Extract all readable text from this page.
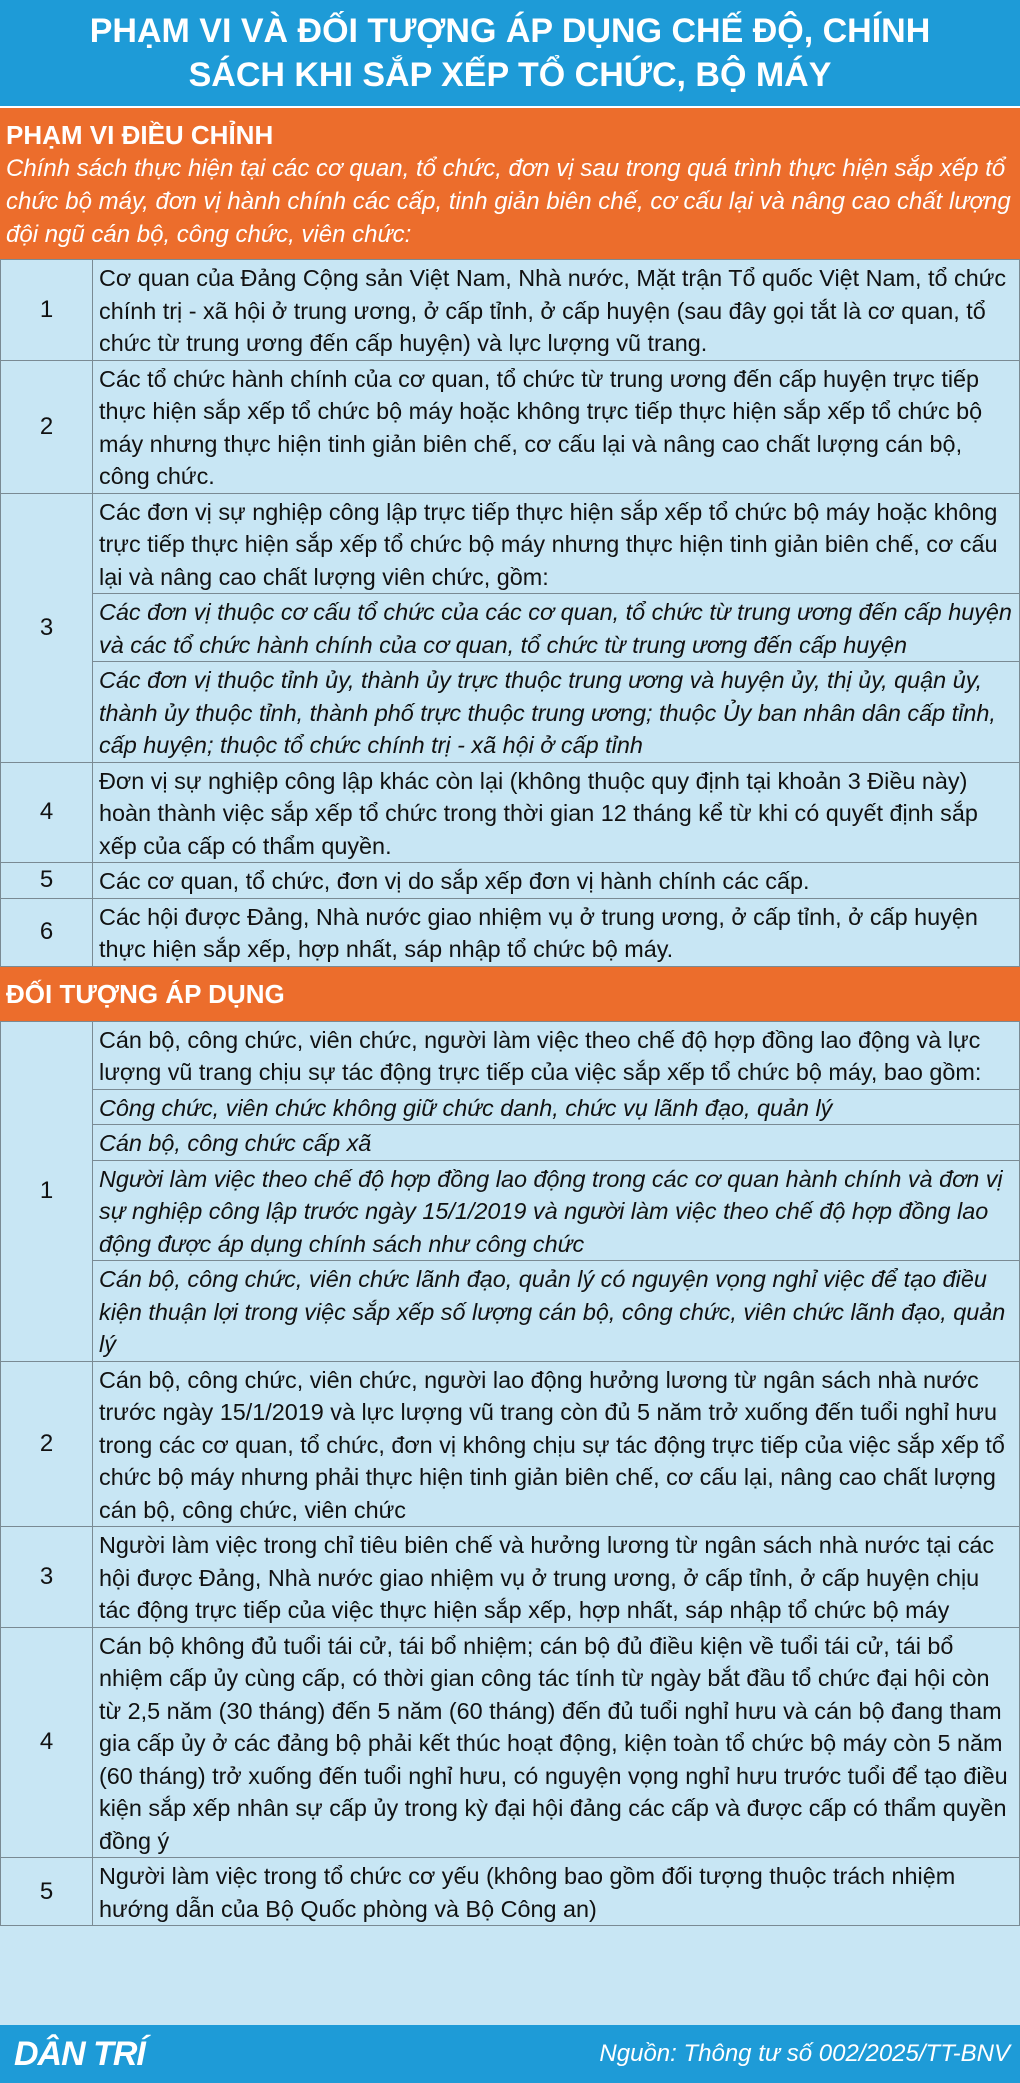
PHẠM VI VÀ ĐỐI TƯỢNG ÁP DỤNG CHẾ ĐỘ, CHÍNH SÁCH KHI SẮP XẾP TỔ CHỨC, BỘ MÁY
PHẠM VI ĐIỀU CHỈNH
Chính sách thực hiện tại các cơ quan, tổ chức, đơn vị sau trong quá trình thực hiện sắp xếp tổ chức bộ máy, đơn vị hành chính các cấp, tinh giản biên chế, cơ cấu lại và nâng cao chất lượng đội ngũ cán bộ, công chức, viên chức:
1	Cơ quan của Đảng Cộng sản Việt Nam, Nhà nước, Mặt trận Tổ quốc Việt Nam, tổ chức chính trị - xã hội ở trung ương, ở cấp tỉnh, ở cấp huyện (sau đây gọi tắt là cơ quan, tổ chức từ trung ương đến cấp huyện) và lực lượng vũ trang.
2	Các tổ chức hành chính của cơ quan, tổ chức từ trung ương đến cấp huyện trực tiếp thực hiện sắp xếp tổ chức bộ máy hoặc không trực tiếp thực hiện sắp xếp tổ chức bộ máy nhưng thực hiện tinh giản biên chế, cơ cấu lại và nâng cao chất lượng cán bộ, công chức.
3	Các đơn vị sự nghiệp công lập trực tiếp thực hiện sắp xếp tổ chức bộ máy hoặc không trực tiếp thực hiện sắp xếp tổ chức bộ máy nhưng thực hiện tinh giản biên chế, cơ cấu lại và nâng cao chất lượng viên chức, gồm:
	Các đơn vị thuộc cơ cấu tổ chức của các cơ quan, tổ chức từ trung ương đến cấp huyện và các tổ chức hành chính của cơ quan, tổ chức từ trung ương đến cấp huyện
	Các đơn vị thuộc tỉnh ủy, thành ủy trực thuộc trung ương và huyện ủy, thị ủy, quận ủy, thành ủy thuộc tỉnh, thành phố trực thuộc trung ương; thuộc Ủy ban nhân dân cấp tỉnh, cấp huyện; thuộc tổ chức chính trị - xã hội ở cấp tỉnh
4	Đơn vị sự nghiệp công lập khác còn lại (không thuộc quy định tại khoản 3 Điều này) hoàn thành việc sắp xếp tổ chức trong thời gian 12 tháng kể từ khi có quyết định sắp xếp của cấp có thẩm quyền.
5	Các cơ quan, tổ chức, đơn vị do sắp xếp đơn vị hành chính các cấp.
6	Các hội được Đảng, Nhà nước giao nhiệm vụ ở trung ương, ở cấp tỉnh, ở cấp huyện thực hiện sắp xếp, hợp nhất, sáp nhập tổ chức bộ máy.
ĐỐI TƯỢNG ÁP DỤNG
1	Cán bộ, công chức, viên chức, người làm việc theo chế độ hợp đồng lao động và lực lượng vũ trang chịu sự tác động trực tiếp của việc sắp xếp tổ chức bộ máy, bao gồm:
	Công chức, viên chức không giữ chức danh, chức vụ lãnh đạo, quản lý
	Cán bộ, công chức cấp xã
	Người làm việc theo chế độ hợp đồng lao động trong các cơ quan hành chính và đơn vị sự nghiệp công lập trước ngày 15/1/2019 và người làm việc theo chế độ hợp đồng lao động được áp dụng chính sách như công chức
	Cán bộ, công chức, viên chức lãnh đạo, quản lý có nguyện vọng nghỉ việc để tạo điều kiện thuận lợi trong việc sắp xếp số lượng cán bộ, công chức, viên chức lãnh đạo, quản lý
2	Cán bộ, công chức, viên chức, người lao động hưởng lương từ ngân sách nhà nước trước ngày 15/1/2019 và lực lượng vũ trang còn đủ 5 năm trở xuống đến tuổi nghỉ hưu trong các cơ quan, tổ chức, đơn vị không chịu sự tác động trực tiếp của việc sắp xếp tổ chức bộ máy nhưng phải thực hiện tinh giản biên chế, cơ cấu lại, nâng cao chất lượng cán bộ, công chức, viên chức
3	Người làm việc trong chỉ tiêu biên chế và hưởng lương từ ngân sách nhà nước tại các hội được Đảng, Nhà nước giao nhiệm vụ ở trung ương, ở cấp tỉnh, ở cấp huyện chịu tác động trực tiếp của việc thực hiện sắp xếp, hợp nhất, sáp nhập tổ chức bộ máy
4	Cán bộ không đủ tuổi tái cử, tái bổ nhiệm; cán bộ đủ điều kiện về tuổi tái cử, tái bổ nhiệm cấp ủy cùng cấp, có thời gian công tác tính từ ngày bắt đầu tổ chức đại hội còn từ 2,5 năm (30 tháng) đến 5 năm (60 tháng) đến đủ tuổi nghỉ hưu và cán bộ đang tham gia cấp ủy ở các đảng bộ phải kết thúc hoạt động, kiện toàn tổ chức bộ máy còn 5 năm (60 tháng) trở xuống đến tuổi nghỉ hưu, có nguyện vọng nghỉ hưu trước tuổi để tạo điều kiện sắp xếp nhân sự cấp ủy trong kỳ đại hội đảng các cấp và được cấp có thẩm quyền đồng ý
5	Người làm việc trong tổ chức cơ yếu (không bao gồm đối tượng thuộc trách nhiệm hướng dẫn của Bộ Quốc phòng và Bộ Công an)
DÂN TRÍ	Nguồn: Thông tư số 002/2025/TT-BNV
